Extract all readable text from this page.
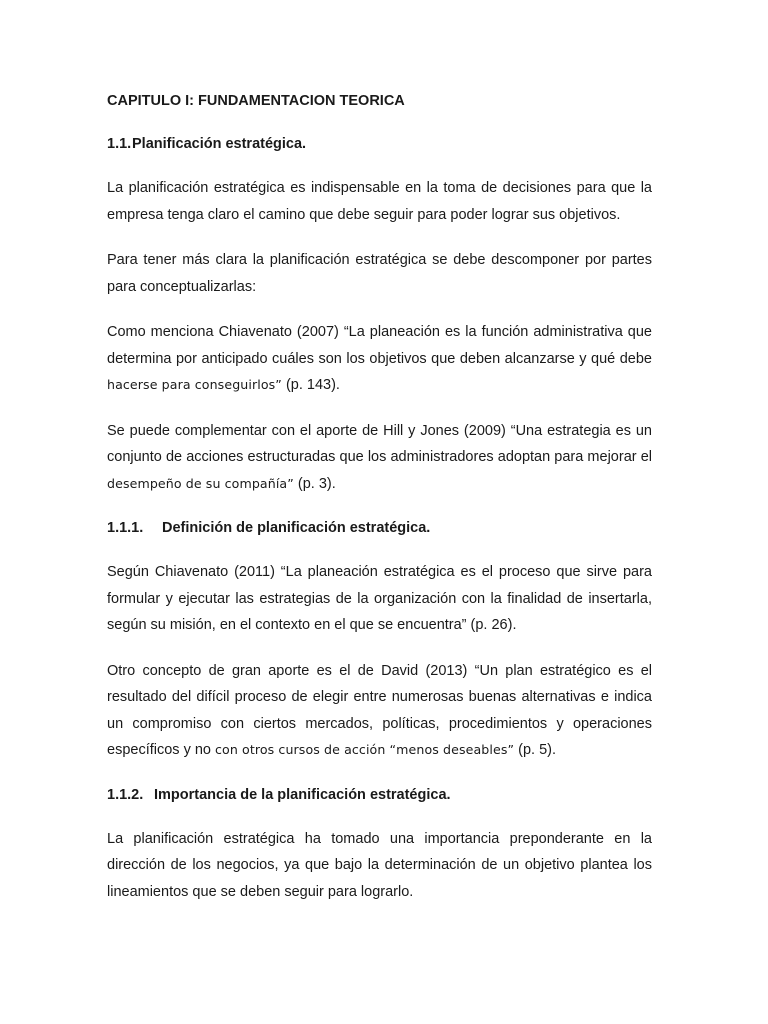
CAPITULO I: FUNDAMENTACION TEORICA
1.1.Planificación estratégica.

La planificación estratégica es indispensable en la toma de decisiones para que la empresa tenga claro el camino que debe seguir para poder lograr sus objetivos.

Para tener más clara la planificación estratégica se debe descomponer por partes para conceptualizarlas:

Como menciona Chiavenato (2007) “La planeación es la función administrativa que determina por anticipado cuáles son los objetivos que deben alcanzarse y qué debe hacerse para conseguirlos” (p. 143).

Se puede complementar con el aporte de Hill y Jones (2009) “Una estrategia es un conjunto de acciones estructuradas que los administradores adoptan para mejorar el desempeño de su compañía” (p. 3).

1.1.1. Definición de planificación estratégica.

Según Chiavenato (2011) “La planeación estratégica es el proceso que sirve para formular y ejecutar las estrategias de la organización con la finalidad de insertarla, según su misión, en el contexto en el que se encuentra” (p. 26).

Otro concepto de gran aporte es el de David (2013) “Un plan estratégico es el resultado del difícil proceso de elegir entre numerosas buenas alternativas e indica un compromiso con ciertos mercados, políticas, procedimientos y operaciones específicos y no con otros cursos de acción “menos deseables” (p. 5).

1.1.2. Importancia de la planificación estratégica.

La planificación estratégica ha tomado una importancia preponderante en la dirección de los negocios, ya que bajo la determinación de un objetivo plantea los lineamientos que se deben seguir para lograrlo.
